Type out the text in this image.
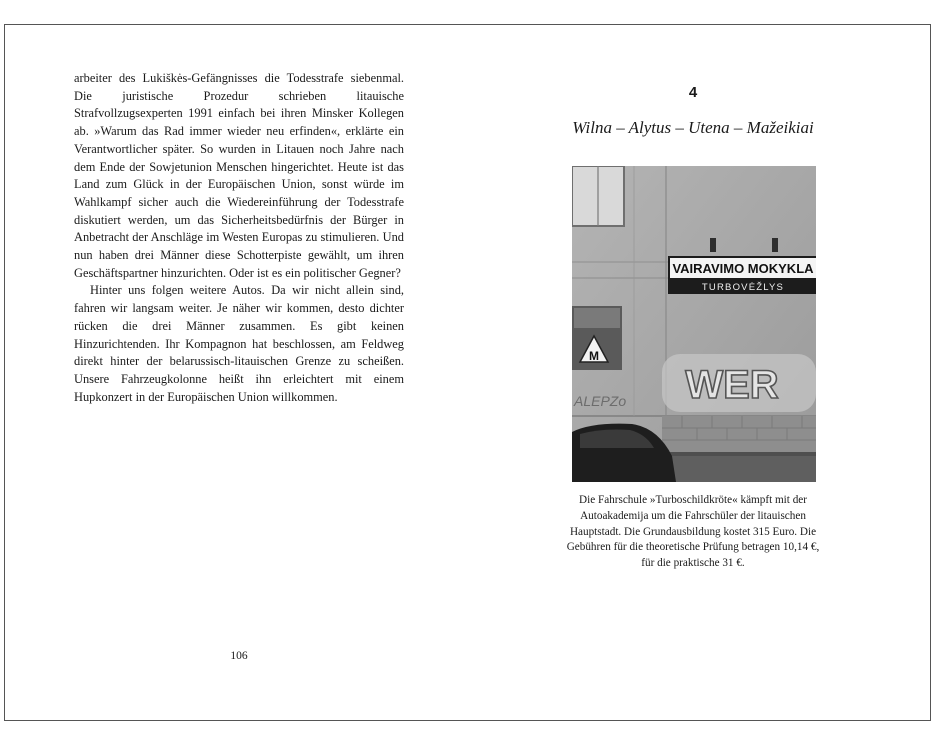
arbeiter des Lukiškės-Gefängnisses die Todesstrafe siebenmal. Die juristische Prozedur schrieben litauische Strafvollzugsexperten 1991 einfach bei ihren Minsker Kollegen ab. »Warum das Rad immer wieder neu erfinden«, erklärte ein Verantwortlicher später. So wurden in Litauen noch Jahre nach dem Ende der Sowjetunion Menschen hingerichtet. Heute ist das Land zum Glück in der Europäischen Union, sonst würde im Wahlkampf sicher auch die Wiedereinführung der Todesstrafe diskutiert werden, um das Sicherheitsbedürfnis der Bürger in Anbetracht der Anschläge im Westen Europas zu stimulieren. Und nun haben drei Männer diese Schotterpiste gewählt, um ihren Geschäftspartner hinzurichten. Oder ist es ein politischer Gegner?

Hinter uns folgen weitere Autos. Da wir nicht allein sind, fahren wir langsam weiter. Je näher wir kommen, desto dichter rücken die drei Männer zusammen. Es gibt keinen Hinzurichtenden. Ihr Kompagnon hat beschlossen, am Feldweg direkt hinter der belarussisch-litauischen Grenze zu scheißen. Unsere Fahrzeugkolonne heißt ihn erleichtert mit einem Hupkonzert in der Europäischen Union willkommen.

106
4
Wilna – Alytus – Utena – Mažeikiai
VAIRAVIMO MOKYKLA
TURBOVĖŽLYS
M
ALEPZo WER
Die Fahrschule »Turboschildkröte« kämpft mit der Autoakademija um die Fahrschüler der litauischen Hauptstadt. Die Grundausbildung kostet 315 Euro. Die Gebühren für die theoretische Prüfung betragen 10,14 €, für die praktische 31 €.
